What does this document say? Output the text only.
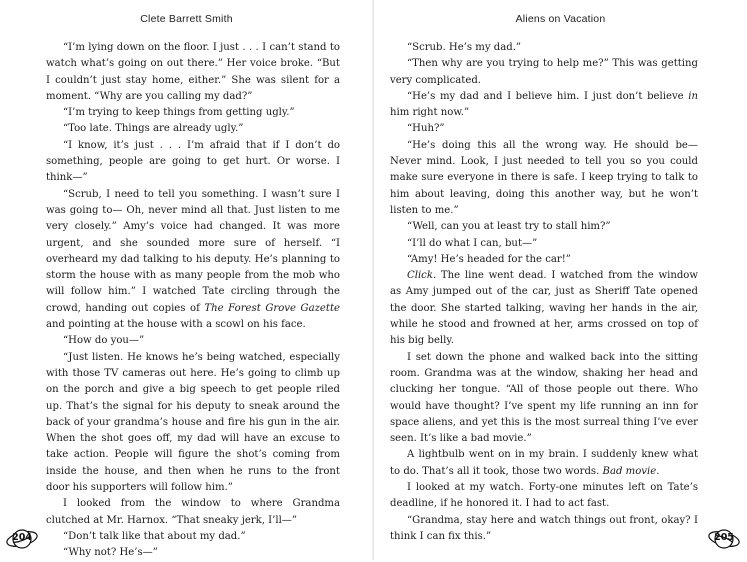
Clete Barrett Smith

“I’m lying down on the floor. I just . . . I can’t stand to watch what’s going on out there.” Her voice broke. “But I couldn’t just stay home, either.” She was silent for a moment. “Why are you calling my dad?”

“I’m trying to keep things from getting ugly.”

“Too late. Things are already ugly.”

“I know, it’s just . . . I’m afraid that if I don’t do something, people are going to get hurt. Or worse. I think—”

“Scrub, I need to tell you something. I wasn’t sure I was going to— Oh, never mind all that. Just listen to me very closely.” Amy’s voice had changed. It was more urgent, and she sounded more sure of herself. “I overheard my dad talking to his deputy. He’s planning to storm the house with as many people from the mob who will follow him.” I watched Tate circling through the crowd, handing out copies of The Forest Grove Gazette and pointing at the house with a scowl on his face.

“How do you—”

“Just listen. He knows he’s being watched, especially with those TV cameras out here. He’s going to climb up on the porch and give a big speech to get people riled up. That’s the signal for his deputy to sneak around the back of your grandma’s house and fire his gun in the air. When the shot goes off, my dad will have an excuse to take action. People will figure the shot’s coming from inside the house, and then when he runs to the front door his supporters will follow him.”

I looked from the window to where Grandma clutched at Mr. Harnox. “That sneaky jerk, I’ll—”

“Don’t talk like that about my dad.”

“Why not? He’s—”

204
Aliens on Vacation

“Scrub. He’s my dad.”

“Then why are you trying to help me?” This was getting very complicated.

“He’s my dad and I believe him. I just don’t believe in him right now.”

“Huh?”

“He’s doing this all the wrong way. He should be— Never mind. Look, I just needed to tell you so you could make sure everyone in there is safe. I keep trying to talk to him about leaving, doing this another way, but he won’t listen to me.”

“Well, can you at least try to stall him?”

“I’ll do what I can, but—”

“Amy! He’s headed for the car!”

Click. The line went dead. I watched from the window as Amy jumped out of the car, just as Sheriff Tate opened the door. She started talking, waving her hands in the air, while he stood and frowned at her, arms crossed on top of his big belly.

I set down the phone and walked back into the sitting room. Grandma was at the window, shaking her head and clucking her tongue. “All of those people out there. Who would have thought? I’ve spent my life running an inn for space aliens, and yet this is the most surreal thing I’ve ever seen. It’s like a bad movie.”

A lightbulb went on in my brain. I suddenly knew what to do. That’s all it took, those two words. Bad movie.

I looked at my watch. Forty-one minutes left on Tate’s deadline, if he honored it. I had to act fast.

“Grandma, stay here and watch things out front, okay? I think I can fix this.”	205
